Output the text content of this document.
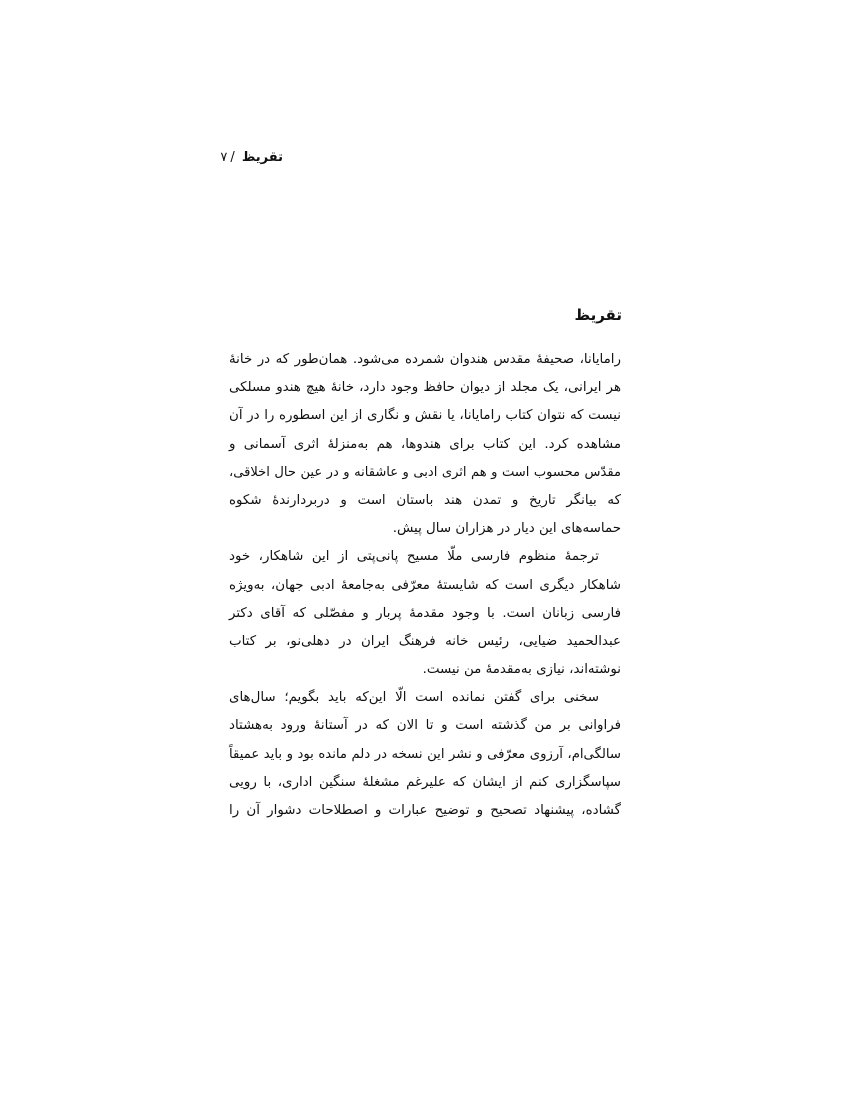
تقریظ /۷
تقریظ
رامایانا، صحیفهٔ مقدس هندوان شمرده می‌شود. همان‌طور که در خانهٔ
هر ایرانی، یک مجلد از دیوان حافظ وجود دارد، خانهٔ هیچ هندو مسلکی
نیست که نتوان کتاب رامایانا، یا نقش و نگاری از این اسطوره را در آن
مشاهده کرد. این کتاب برای هندوها، هم به‌منزلهٔ اثری آسمانی و
مقدّس محسوب است و هم اثری ادبی و عاشقانه و در عین حال اخلاقی،
که بیانگر تاریخ و تمدن هند باستان است و دربردارندهٔ شکوه
حماسه‌های این دیار در هزاران سال پیش.
ترجمهٔ منظوم فارسی ملّا مسیح پانی‌پتی از این شاهکار، خود
شاهکار دیگری است که شایستهٔ معرّفی به‌جامعهٔ ادبی جهان، به‌ویژه
فارسی زبانان است. با وجود مقدمهٔ پربار و مفصّلی که آقای دکتر
عبدالحمید ضیایی، رئیس خانه فرهنگ ایران در دهلی‌نو، بر کتاب
نوشته‌اند، نیازی به‌مقدمهٔ من نیست.
سخنی برای گفتن نمانده است الّا این‌که باید بگویم؛ سال‌های
فراوانی بر من گذشته است و تا الان که در آستانهٔ ورود به‌هشتاد
سالگی‌ام، آرزوی معرّفی و نشر این نسخه در دلم مانده بود و باید عمیقاً
سپاسگزاری کنم از ایشان که علیرغم مشغلهٔ سنگین اداری، با رویی
گشاده، پیشنهاد تصحیح و توضیح عبارات و اصطلاحات دشوار آن را
